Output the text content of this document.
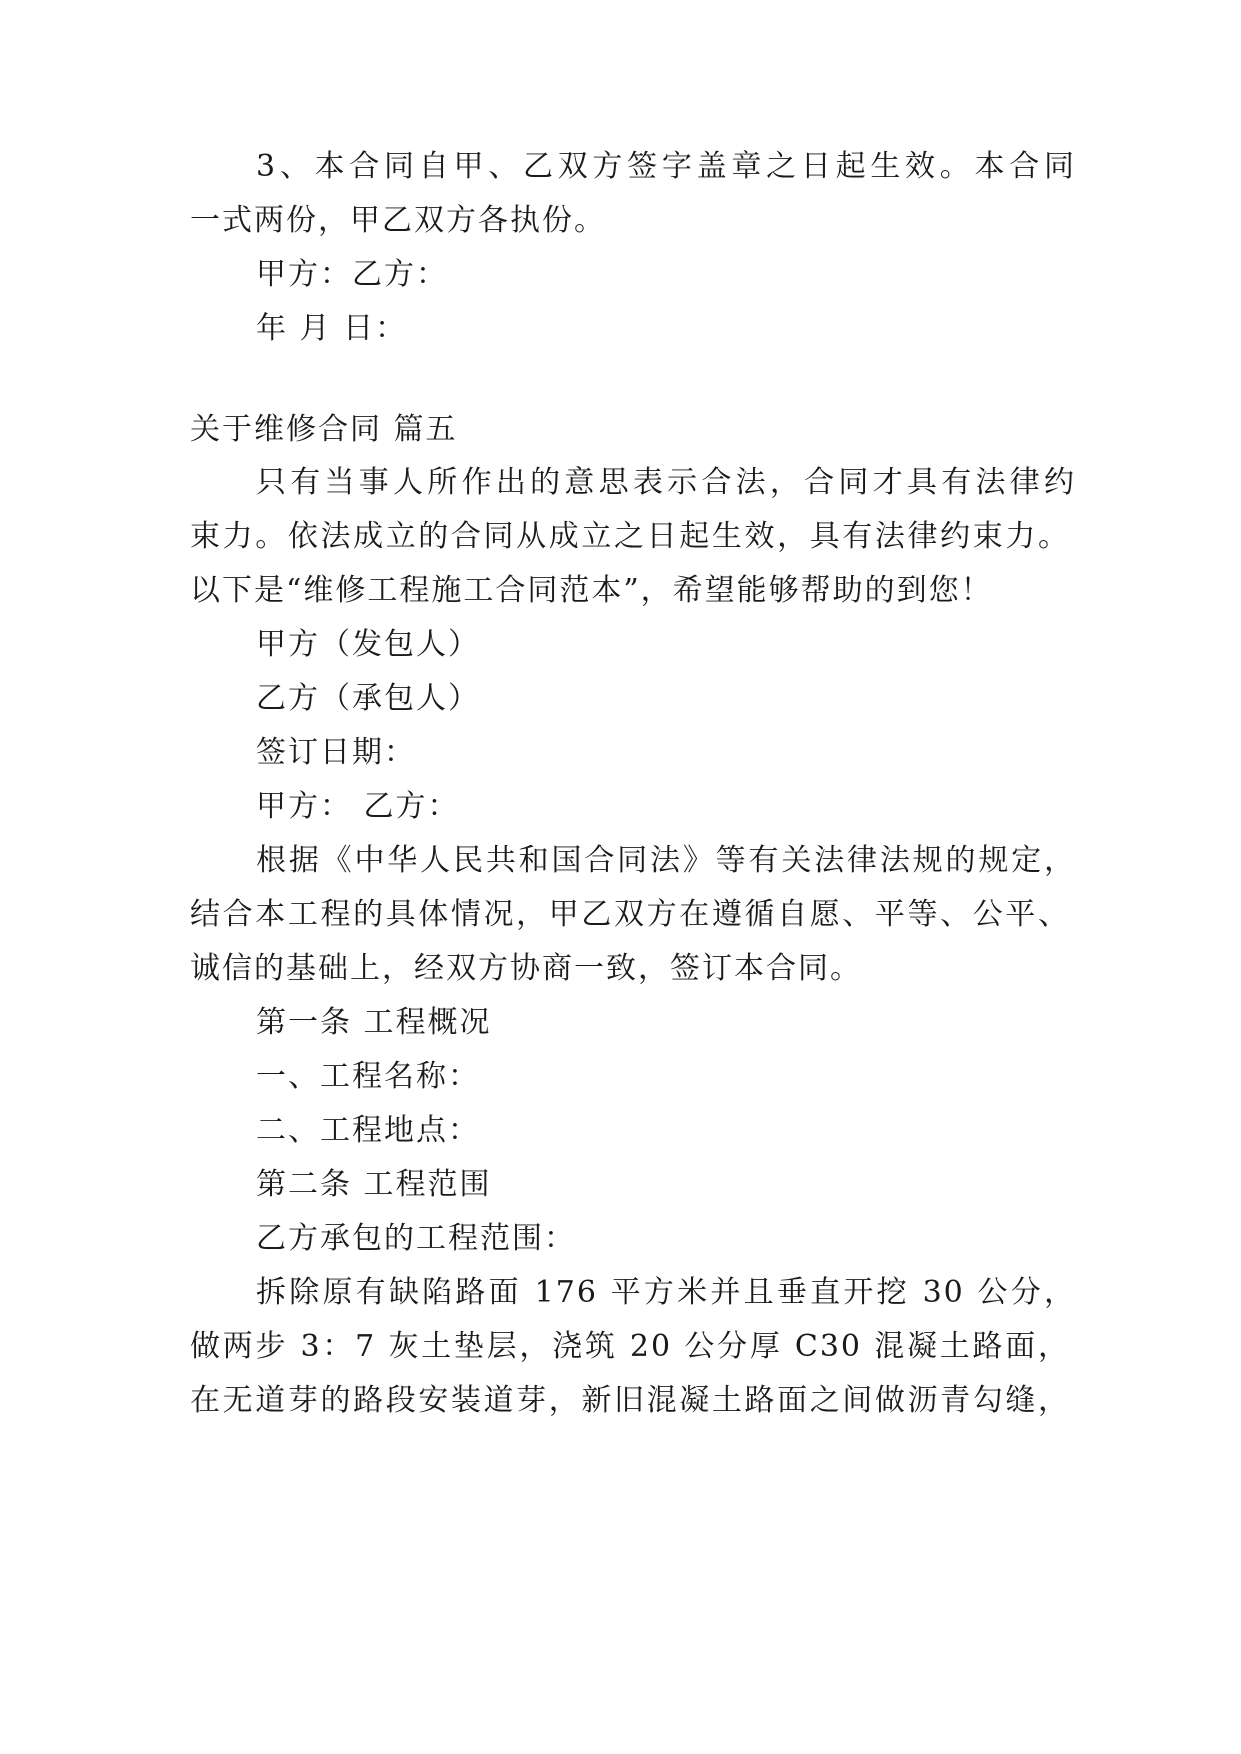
3、本合同自甲、乙双方签字盖章之日起生效。本合同
一式两份，甲乙双方各执份。
甲方：乙方：
年 月 日：
关于维修合同 篇五
只有当事人所作出的意思表示合法，合同才具有法律约
束力。依法成立的合同从成立之日起生效，具有法律约束力。
以下是“维修工程施工合同范本”，希望能够帮助的到您！
甲方（发包人）
乙方（承包人）
签订日期：
甲方： 乙方：
根据《中华人民共和国合同法》等有关法律法规的规定，
结合本工程的具体情况，甲乙双方在遵循自愿、平等、公平、
诚信的基础上，经双方协商一致，签订本合同。
第一条 工程概况
一、工程名称：
二、工程地点：
第二条 工程范围
乙方承包的工程范围：
拆除原有缺陷路面 176 平方米并且垂直开挖 30 公分，
做两步 3：7 灰土垫层，浇筑 20 公分厚 C30 混凝土路面，
在无道芽的路段安装道芽，新旧混凝土路面之间做沥青勾缝，
